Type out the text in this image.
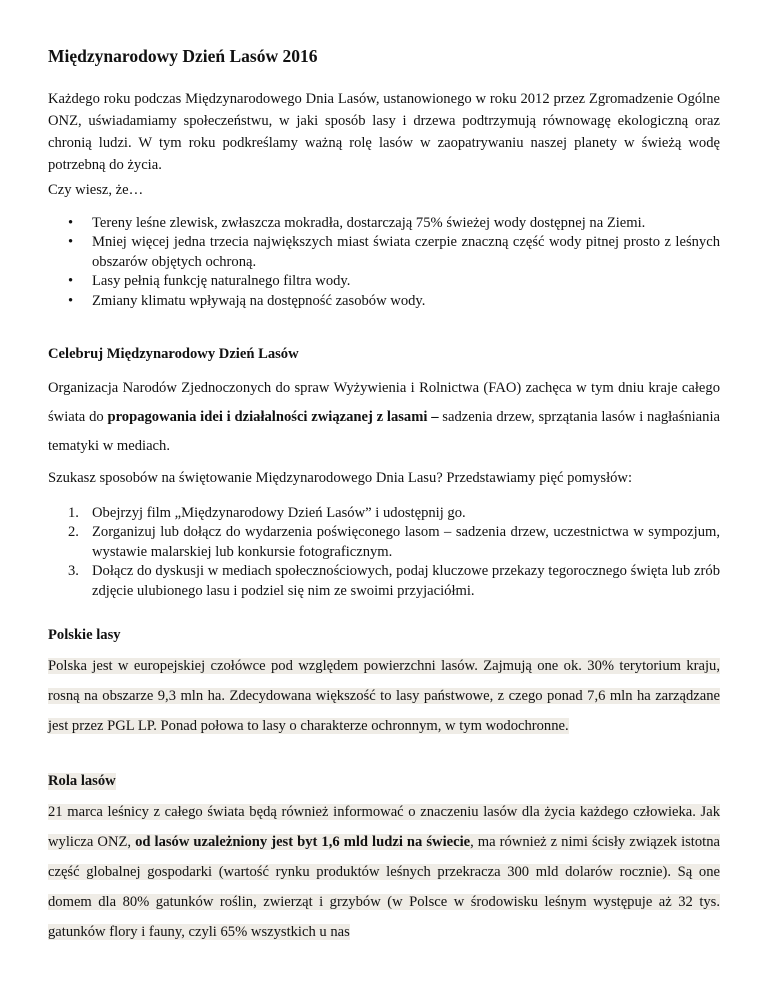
Międzynarodowy Dzień Lasów 2016

Każdego roku podczas Międzynarodowego Dnia Lasów, ustanowionego w roku 2012 przez Zgromadzenie Ogólne ONZ, uświadamiamy społeczeństwu, w jaki sposób lasy i drzewa podtrzymują równowagę ekologiczną oraz chronią ludzi. W tym roku podkreślamy ważną rolę lasów w zaopatrywaniu naszej planety w świeżą wodę potrzebną do życia.

Czy wiesz, że…

• Tereny leśne zlewisk, zwłaszcza mokradła, dostarczają 75% świeżej wody dostępnej na Ziemi.
• Mniej więcej jedna trzecia największych miast świata czerpie znaczną część wody pitnej prosto z leśnych obszarów objętych ochroną.
• Lasy pełnią funkcję naturalnego filtra wody.
• Zmiany klimatu wpływają na dostępność zasobów wody.
Celebruj Międzynarodowy Dzień Lasów

Organizacja Narodów Zjednoczonych do spraw Wyżywienia i Rolnictwa (FAO) zachęca w tym dniu kraje całego świata do propagowania idei i działalności związanej z lasami – sadzenia drzew, sprzątania lasów i nagłaśniania tematyki w mediach.

Szukasz sposobów na świętowanie Międzynarodowego Dnia Lasu? Przedstawiamy pięć pomysłów:

1. Obejrzyj film „Międzynarodowy Dzień Lasów” i udostępnij go.
2. Zorganizuj lub dołącz do wydarzenia poświęconego lasom – sadzenia drzew, uczestnictwa w sympozjum, wystawie malarskiej lub konkursie fotograficznym.
3. Dołącz do dyskusji w mediach społecznościowych, podaj kluczowe przekazy tegorocznego święta lub zrób zdjęcie ulubionego lasu i podziel się nim ze swoimi przyjaciółmi.
Polskie lasy

Polska jest w europejskiej czołówce pod względem powierzchni lasów. Zajmują one ok. 30% terytorium kraju, rosną na obszarze 9,3 mln ha. Zdecydowana większość to lasy państwowe, z czego ponad 7,6 mln ha zarządzane jest przez PGL LP. Ponad połowa to lasy o charakterze ochronnym, w tym wodochronne.

Rola lasów

21 marca leśnicy z całego świata będą również informować o znaczeniu lasów dla życia każdego człowieka. Jak wylicza ONZ, od lasów uzależniony jest byt 1,6 mld ludzi na świecie, ma również z nimi ścisły związek istotna część globalnej gospodarki (wartość rynku produktów leśnych przekracza 300 mld dolarów rocznie). Są one domem dla 80% gatunków roślin, zwierząt i grzybów (w Polsce w środowisku leśnym występuje aż 32 tys. gatunków flory i fauny, czyli 65% wszystkich u nas
